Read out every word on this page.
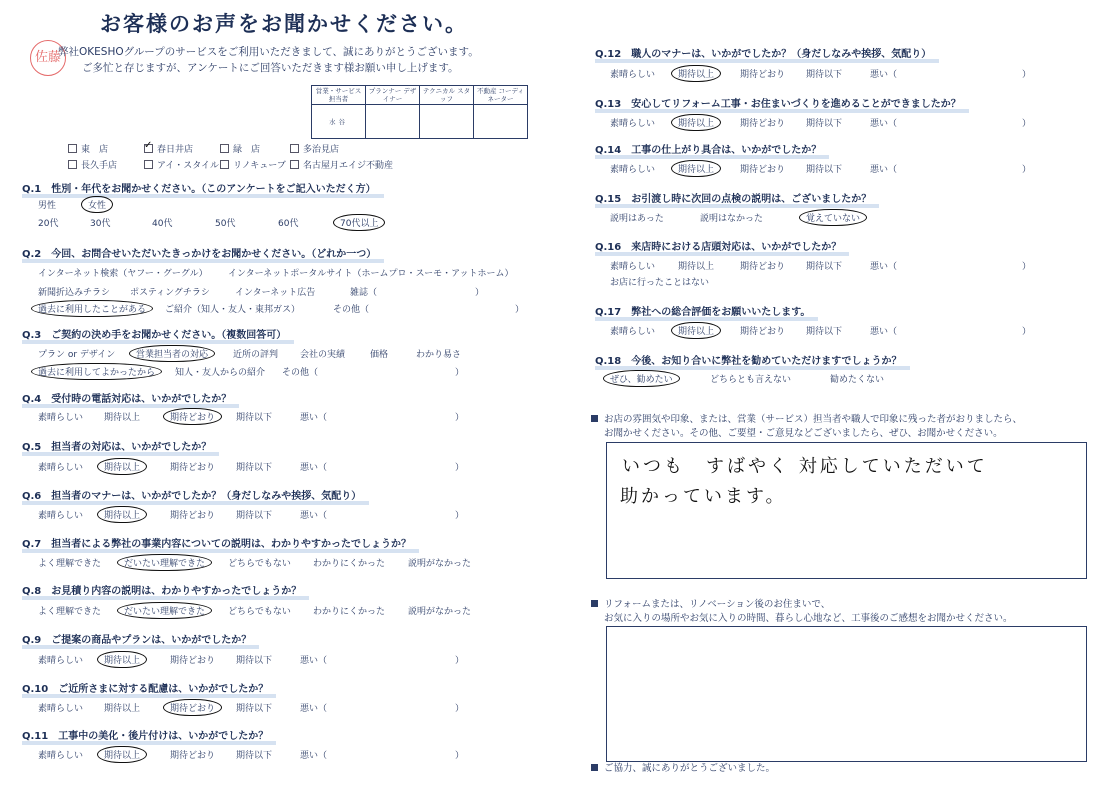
お客様のお声をお聞かせください。
佐藤
弊社OKESHOグループのサービスをご利用いただきまして、誠にありがとうございます。
ご多忙と存じますが、アンケートにご回答いただきます様お願い申し上げます。
営業・サービス 担当者	プランナー デザイナー	テクニカル スタッフ	不動産 コーディネーター
水谷			
東　店 ✓	春日井店	緑　店	多治見店
長久手店	アイ・スタイル	リノキューブ	名古屋月エイジ不動産
Q.1　性別・年代をお聞かせください。（このアンケートをご記入いただく方）
男性	女性
20代	30代	40代	50代	60代	70代以上
Q.2　今回、お問合せいただいたきっかけをお聞かせください。（どれか一つ）
インターネット検索（ヤフー・グーグル） インターネットポータルサイト（ホームプロ・スーモ・アットホーム）
新聞折込みチラシ ポスティングチラシ	インターネット広告	雑誌（	）
過去に利用したことがある	ご紹介（知人・友人・東邦ガス）	その他（	）
Q.3　ご契約の決め手をお聞かせください。（複数回答可）
プラン or デザイン	営業担当者の対応	近所の評判 会社の実績	価格	わかり易さ
過去に利用してよかったから	知人・友人からの紹介 その他（	）
Q.4　受付時の電話対応は、いかがでしたか？
素晴らしい 期待以上	期待どおり	期待以下	悪い（	）
Q.5　担当者の対応は、いかがでしたか？
素晴らしい	期待以上	期待どおり 期待以下	悪い（	）
Q.6　担当者のマナーは、いかがでしたか？（身だしなみや挨拶、気配り）
素晴らしい	期待以上	期待どおり 期待以下	悪い（	）
Q.7　担当者による弊社の事業内容についての説明は、わかりやすかったでしょうか？
よく理解できた	だいたい理解できた	どちらでもない わかりにくかった	説明がなかった
Q.8　お見積り内容の説明は、わかりやすかったでしょうか？
よく理解できた	だいたい理解できた	どちらでもない わかりにくかった	説明がなかった
Q.9　ご提案の商品やプランは、いかがでしたか？
素晴らしい	期待以上	期待どおり 期待以下	悪い（	）
Q.10　ご近所さまに対する配慮は、いかがでしたか？
素晴らしい 期待以上	期待どおり	期待以下	悪い（	）
Q.11　工事中の美化・後片付けは、いかがでしたか？
素晴らしい	期待以上	期待どおり 期待以下	悪い（	）
Q.12　職人のマナーは、いかがでしたか？（身だしなみや挨拶、気配り）
素晴らしい	期待以上	期待どおり 期待以下	悪い（	）
Q.13　安心してリフォーム工事・お住まいづくりを進めることができましたか？
素晴らしい	期待以上	期待どおり 期待以下	悪い（	）
Q.14　工事の仕上がり具合は、いかがでしたか？
素晴らしい	期待以上	期待どおり 期待以下	悪い（	）
Q.15　お引渡し時に次回の点検の説明は、ございましたか？
説明はあった	説明はなかった	覚えていない
Q.16　来店時における店頭対応は、いかがでしたか？
素晴らしい	期待以上	期待どおり 期待以下	悪い（	）
お店に行ったことはない
Q.17　弊社への総合評価をお願いいたします。
素晴らしい	期待以上	期待どおり 期待以下	悪い（	）
Q.18　今後、お知り合いに弊社を勧めていただけますでしょうか？
ぜひ、勧めたい	どちらとも言えない	勧めたくない
お店の雰囲気や印象、または、営業（サービス）担当者や職人で印象に残った者がおりましたら、
お聞かせください。その他、ご要望・ご意見などございましたら、ぜひ、お聞かせください。
いつも　すばやく 対応していただいて
助かっています。
リフォームまたは、リノベーション後のお住まいで、
お気に入りの場所やお気に入りの時間、暮らし心地など、工事後のご感想をお聞かせください。
ご協力、誠にありがとうございました。
